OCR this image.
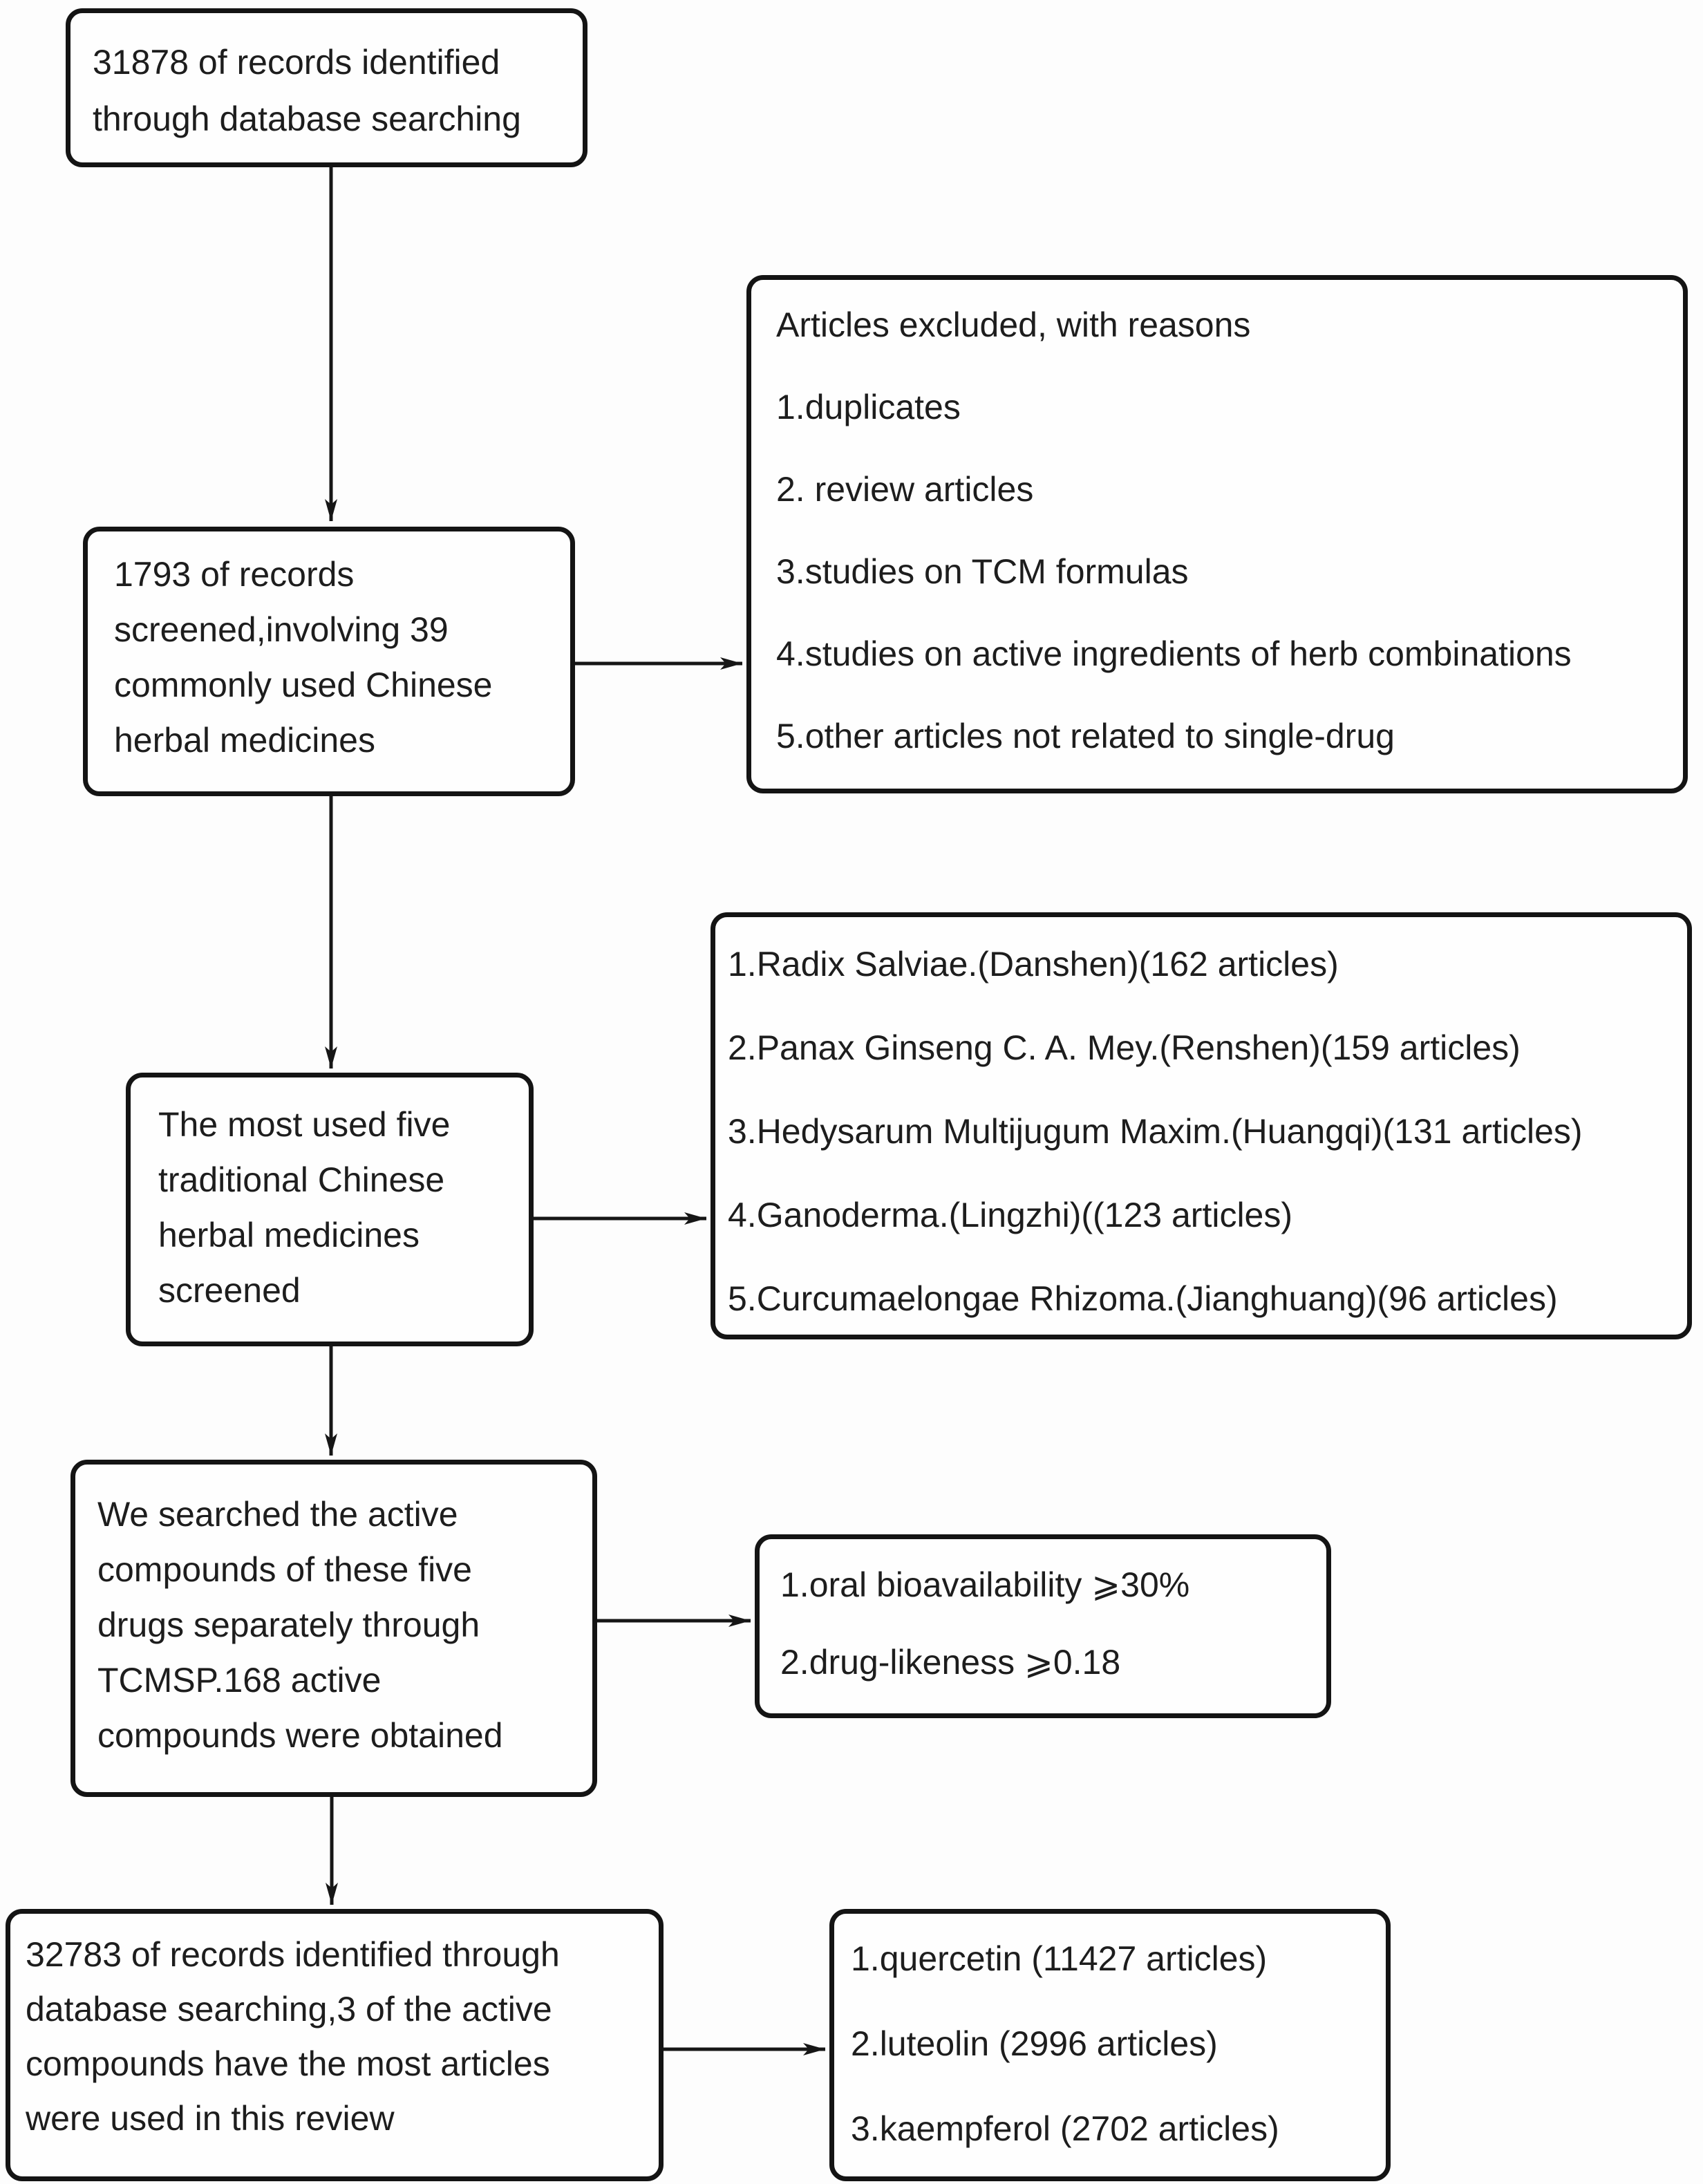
31878 of records identified
through database searching
Articles excluded, with reasons
1.duplicates
2. review articles
3.studies on TCM formulas
4.studies on active ingredients of herb combinations
5.other articles not related to single-drug
1793 of records
screened,involving 39
commonly used Chinese
herbal medicines
1.Radix Salviae.(Danshen)(162 articles)
2.Panax Ginseng C. A. Mey.(Renshen)(159 articles)
3.Hedysarum Multijugum Maxim.(Huangqi)(131 articles)
4.Ganoderma.(Lingzhi)((123 articles)
5.Curcumaelongae Rhizoma.(Jianghuang)(96 articles)
The most used five
traditional Chinese
herbal medicines
screened
We searched the active
compounds of these five
drugs separately through
TCMSP.168 active
compounds were obtained
1.oral bioavailability ⩾30%
2.drug-likeness ⩾0.18
32783 of records identified through
database searching,3 of the active
compounds have the most articles
were used in this review
1.quercetin (11427 articles)
2.luteolin (2996 articles)
3.kaempferol (2702 articles)
